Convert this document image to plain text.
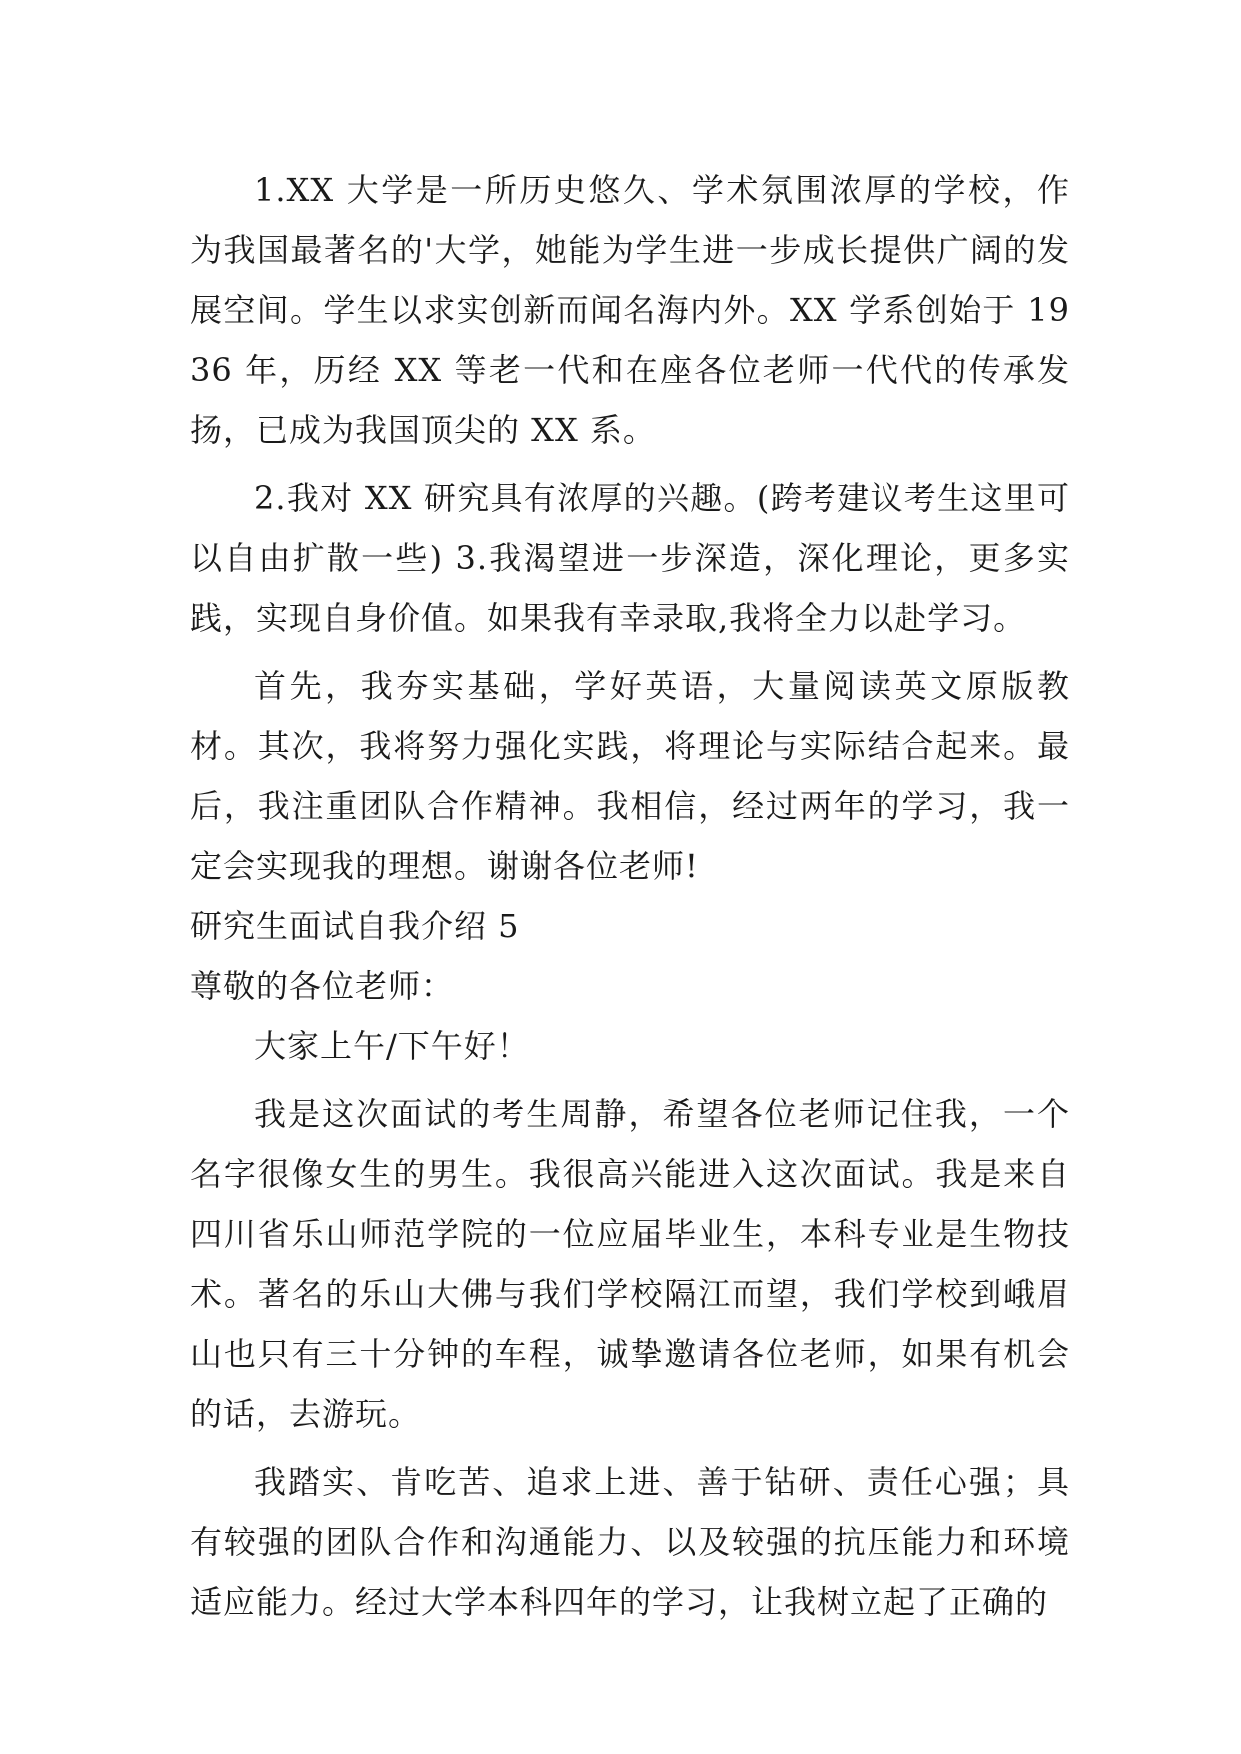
1.XX 大学是一所历史悠久、学术氛围浓厚的学校，作为我国最著名的'大学，她能为学生进一步成长提供广阔的发展空间。学生以求实创新而闻名海内外。XX 学系创始于 1936 年，历经 XX 等老一代和在座各位老师一代代的传承发扬，已成为我国顶尖的 XX 系。

2.我对 XX 研究具有浓厚的兴趣。(跨考建议考生这里可以自由扩散一些) 3.我渴望进一步深造，深化理论，更多实践，实现自身价值。如果我有幸录取,我将全力以赴学习。

首先，我夯实基础，学好英语，大量阅读英文原版教材。其次，我将努力强化实践，将理论与实际结合起来。最后，我注重团队合作精神。我相信，经过两年的学习，我一定会实现我的理想。谢谢各位老师!

研究生面试自我介绍 5

尊敬的各位老师：

大家上午/下午好！

我是这次面试的考生周静，希望各位老师记住我，一个名字很像女生的男生。我很高兴能进入这次面试。我是来自四川省乐山师范学院的一位应届毕业生，本科专业是生物技术。著名的乐山大佛与我们学校隔江而望，我们学校到峨眉山也只有三十分钟的车程，诚挚邀请各位老师，如果有机会的话，去游玩。

我踏实、肯吃苦、追求上进、善于钻研、责任心强；具有较强的团队合作和沟通能力、以及较强的抗压能力和环境适应能力。经过大学本科四年的学习，让我树立起了正确的
